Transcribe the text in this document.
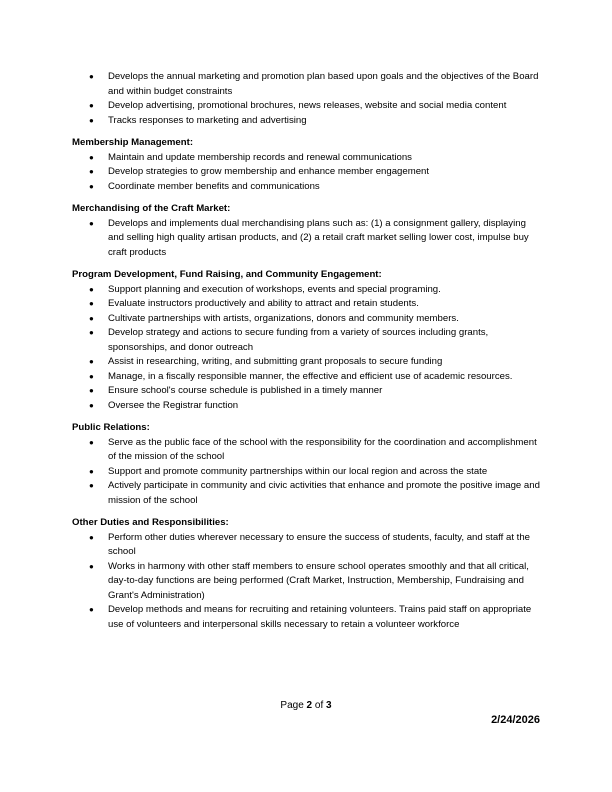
● Develops the annual marketing and promotion plan based upon goals and the objectives of the Board and within budget constraints
● Develop advertising, promotional brochures, news releases, website and social media content
● Tracks responses to marketing and advertising

Membership Management:

● Maintain and update membership records and renewal communications
● Develop strategies to grow membership and enhance member engagement
● Coordinate member benefits and communications

Merchandising of the Craft Market:

● Develops and implements dual merchandising plans such as: (1) a consignment gallery, displaying and selling high quality artisan products, and (2) a retail craft market selling lower cost, impulse buy craft products

Program Development, Fund Raising, and Community Engagement:

● Support planning and execution of workshops, events and special programing.
● Evaluate instructors productively and ability to attract and retain students.
● Cultivate partnerships with artists, organizations, donors and community members.
● Develop strategy and actions to secure funding from a variety of sources including grants, sponsorships, and donor outreach
● Assist in researching, writing, and submitting grant proposals to secure funding
● Manage, in a fiscally responsible manner, the effective and efficient use of academic resources.
● Ensure school's course schedule is published in a timely manner
● Oversee the Registrar function

Public Relations:

● Serve as the public face of the school with the responsibility for the coordination and accomplishment of the mission of the school
● Support and promote community partnerships within our local region and across the state
● Actively participate in community and civic activities that enhance and promote the positive image and mission of the school

Other Duties and Responsibilities:

● Perform other duties wherever necessary to ensure the success of students, faculty, and staff at the school
● Works in harmony with other staff members to ensure school operates smoothly and that all critical, day-to-day functions are being performed (Craft Market, Instruction, Membership, Fundraising and Grant's Administration)
● Develop methods and means for recruiting and retaining volunteers. Trains paid staff on appropriate use of volunteers and interpersonal skills necessary to retain a volunteer workforce
Page 2 of 3
2/24/2026
